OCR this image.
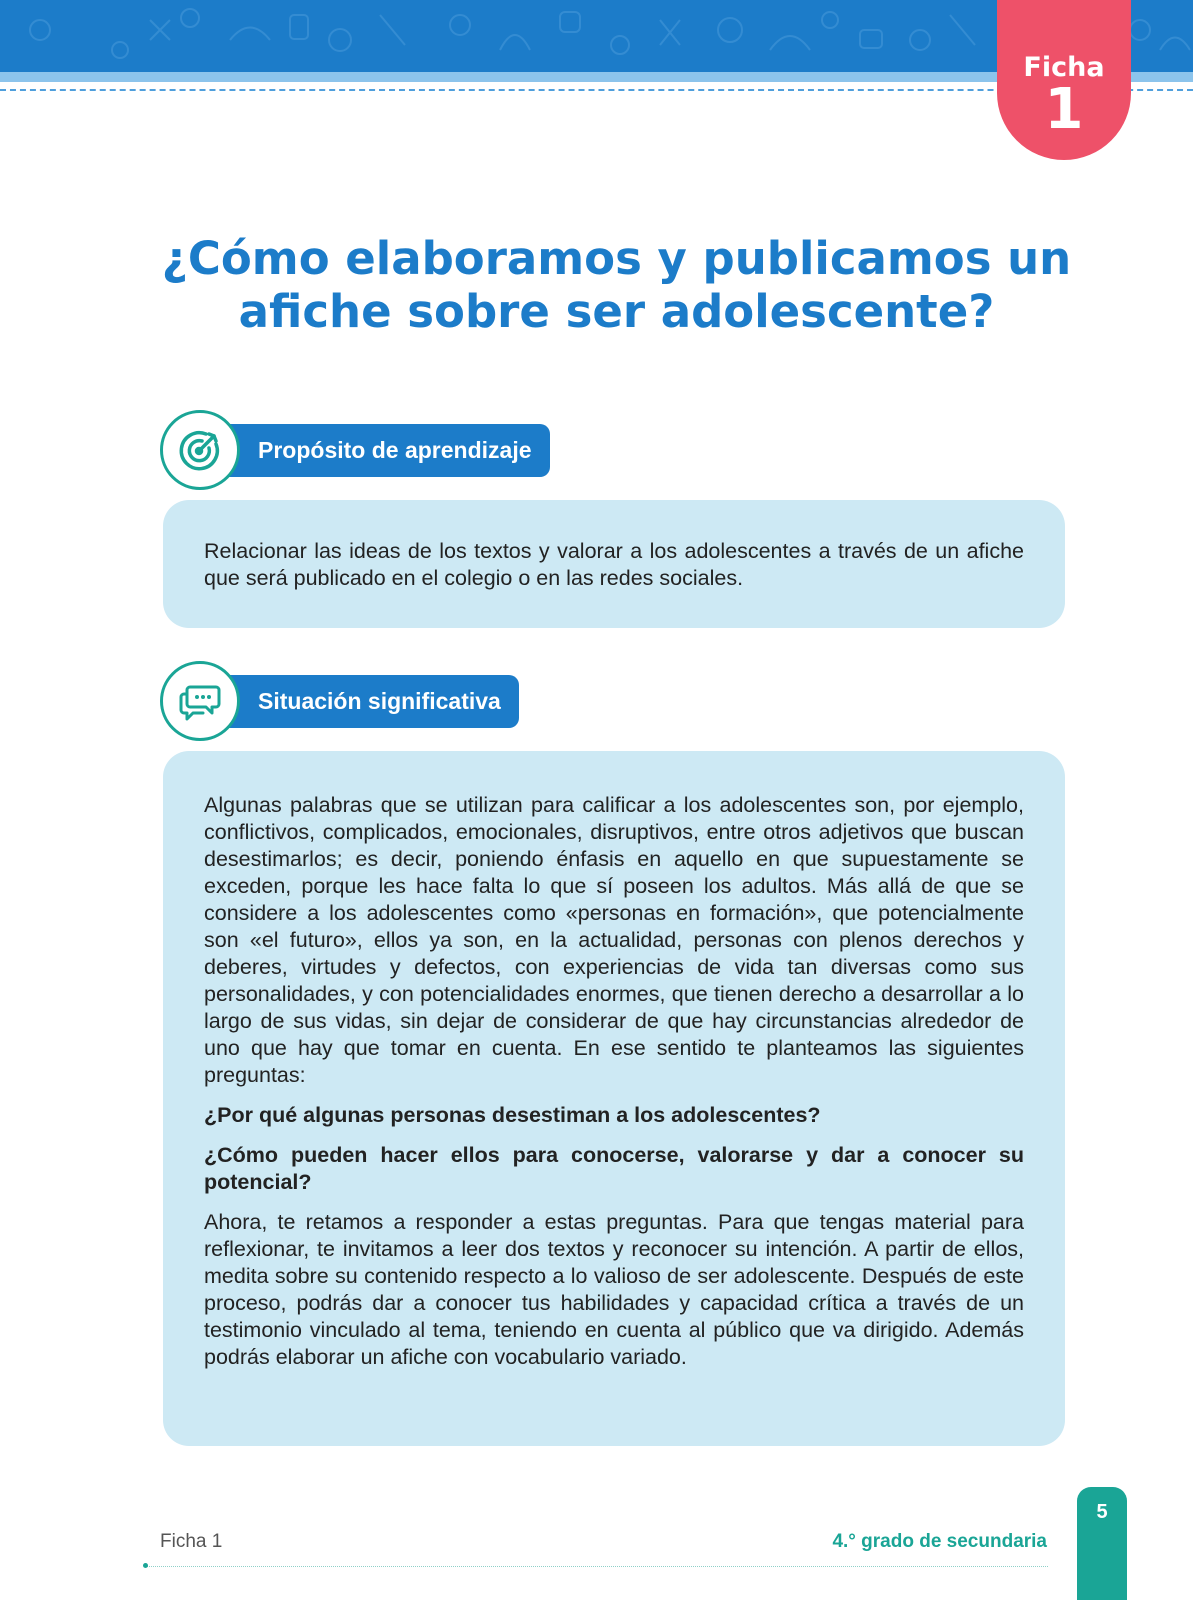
Ficha
1
¿Cómo elaboramos y publicamos un
afiche sobre ser adolescente?
Propósito de aprendizaje

Relacionar las ideas de los textos y valorar a los adolescentes a través de un afiche que será publicado en el colegio o en las redes sociales.

Situación significativa

Algunas palabras que se utilizan para calificar a los adolescentes son, por ejemplo, conflictivos, complicados, emocionales, disruptivos, entre otros adjetivos que buscan desestimarlos; es decir, poniendo énfasis en aquello en que supuestamente se exceden, porque les hace falta lo que sí poseen los adultos. Más allá de que se considere a los adolescentes como «personas en formación», que potencialmente son «el futuro», ellos ya son, en la actualidad, personas con plenos derechos y deberes, virtudes y defectos, con experiencias de vida tan diversas como sus personalidades, y con potencialidades enormes, que tienen derecho a desarrollar a lo largo de sus vidas, sin dejar de considerar de que hay circunstancias alrededor de uno que hay que tomar en cuenta. En ese sentido te planteamos las siguientes preguntas:

¿Por qué algunas personas desestiman a los adolescentes?

¿Cómo pueden hacer ellos para conocerse, valorarse y dar a conocer su potencial?

Ahora, te retamos a responder a estas preguntas. Para que tengas material para reflexionar, te invitamos a leer dos textos y reconocer su intención. A partir de ellos, medita sobre su contenido respecto a lo valioso de ser adolescente. Después de este proceso, podrás dar a conocer tus habilidades y capacidad crítica a través de un testimonio vinculado al tema, teniendo en cuenta al público que va dirigido. Además podrás elaborar un afiche con vocabulario variado.

Ficha 1	4.° grado de secundaria
5
